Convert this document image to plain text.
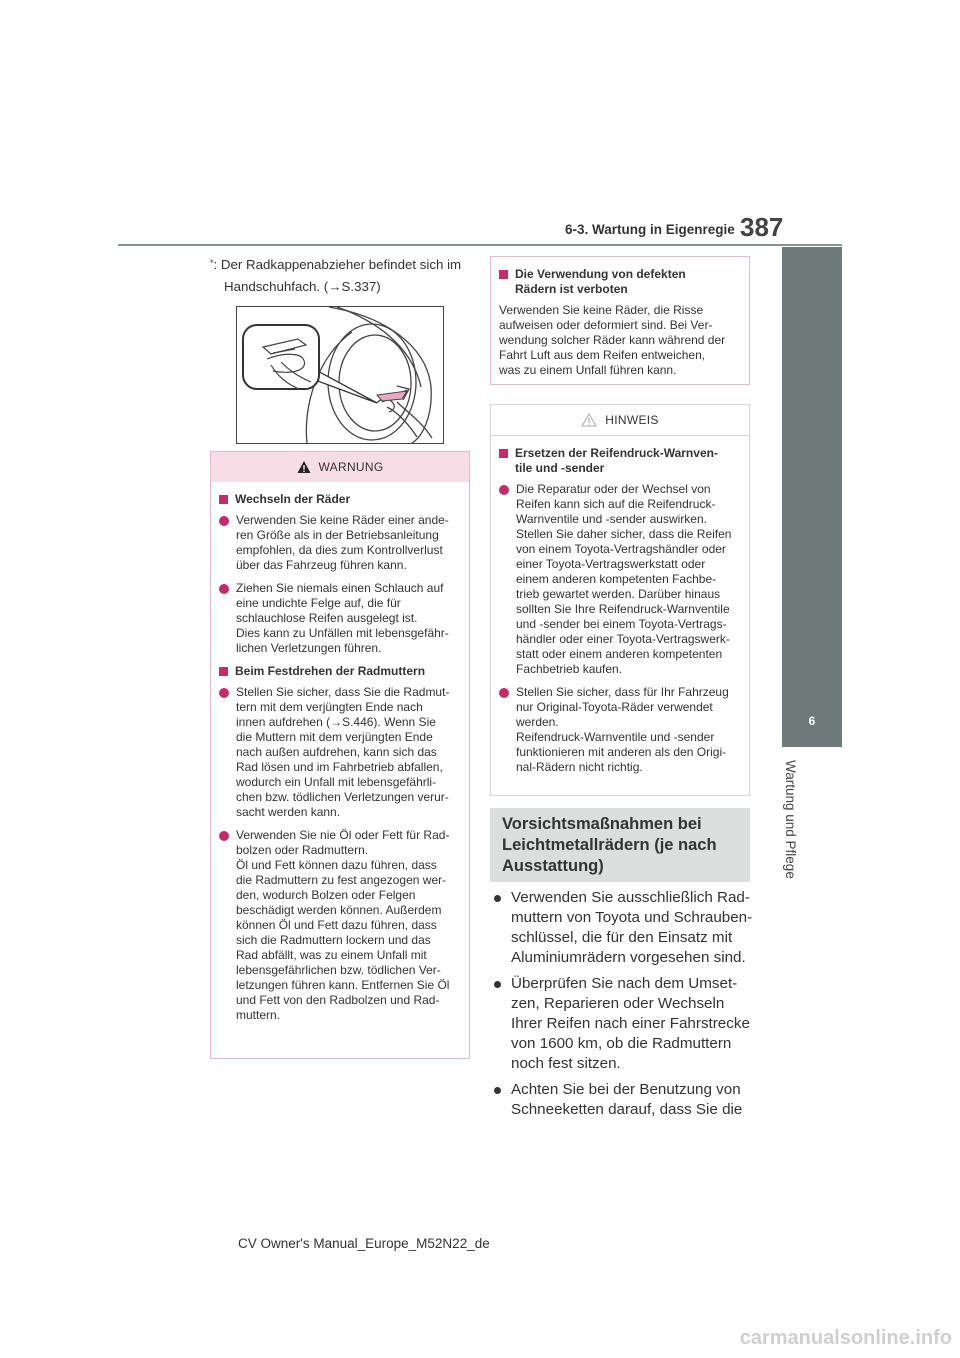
6-3. Wartung in Eigenregie 387
6
Wartung und Pflege
*: Der Radkappenabzieher befindet sich im
Handschuhfach. (→S.337)
WARNUNG
Wechseln der Räder

Verwenden Sie keine Räder einer ande-
ren Größe als in der Betriebsanleitung
empfohlen, da dies zum Kontrollverlust
über das Fahrzeug führen kann.

Ziehen Sie niemals einen Schlauch auf
eine undichte Felge auf, die für
schlauchlose Reifen ausgelegt ist.
Dies kann zu Unfällen mit lebensgefähr-
lichen Verletzungen führen.

Beim Festdrehen der Radmuttern

Stellen Sie sicher, dass Sie die Radmut-
tern mit dem verjüngten Ende nach
innen aufdrehen (→S.446). Wenn Sie
die Muttern mit dem verjüngten Ende
nach außen aufdrehen, kann sich das
Rad lösen und im Fahrbetrieb abfallen,
wodurch ein Unfall mit lebensgefährli-
chen bzw. tödlichen Verletzungen verur-
sacht werden kann.

Verwenden Sie nie Öl oder Fett für Rad-
bolzen oder Radmuttern.
Öl und Fett können dazu führen, dass
die Radmuttern zu fest angezogen wer-
den, wodurch Bolzen oder Felgen
beschädigt werden können. Außerdem
können Öl und Fett dazu führen, dass
sich die Radmuttern lockern und das
Rad abfällt, was zu einem Unfall mit
lebensgefährlichen bzw. tödlichen Ver-
letzungen führen kann. Entfernen Sie Öl
und Fett von den Radbolzen und Rad-
muttern.

Die Verwendung von defekten
Rädern ist verboten

Verwenden Sie keine Räder, die Risse
aufweisen oder deformiert sind. Bei Ver-
wendung solcher Räder kann während der
Fahrt Luft aus dem Reifen entweichen,
was zu einem Unfall führen kann.

HINWEIS
Ersetzen der Reifendruck-Warnven-
tile und -sender

Die Reparatur oder der Wechsel von
Reifen kann sich auf die Reifendruck-
Warnventile und -sender auswirken.
Stellen Sie daher sicher, dass die Reifen
von einem Toyota-Vertragshändler oder
einer Toyota-Vertragswerkstatt oder
einem anderen kompetenten Fachbe-
trieb gewartet werden. Darüber hinaus
sollten Sie Ihre Reifendruck-Warnventile
und -sender bei einem Toyota-Vertrags-
händler oder einer Toyota-Vertragswerk-
statt oder einem anderen kompetenten
Fachbetrieb kaufen.

Stellen Sie sicher, dass für Ihr Fahrzeug
nur Original-Toyota-Räder verwendet
werden.
Reifendruck-Warnventile und -sender
funktionieren mit anderen als den Origi-
nal-Rädern nicht richtig.

Vorsichtsmaßnahmen bei
Leichtmetallrädern (je nach
Ausstattung)

Verwenden Sie ausschließlich Rad-
muttern von Toyota und Schrauben-
schlüssel, die für den Einsatz mit
Aluminiumrädern vorgesehen sind.

Überprüfen Sie nach dem Umset-
zen, Reparieren oder Wechseln
Ihrer Reifen nach einer Fahrstrecke
von 1600 km, ob die Radmuttern
noch fest sitzen.

Achten Sie bei der Benutzung von
Schneeketten darauf, dass Sie die

CV Owner's Manual_Europe_M52N22_de
carmanualsonline.info
